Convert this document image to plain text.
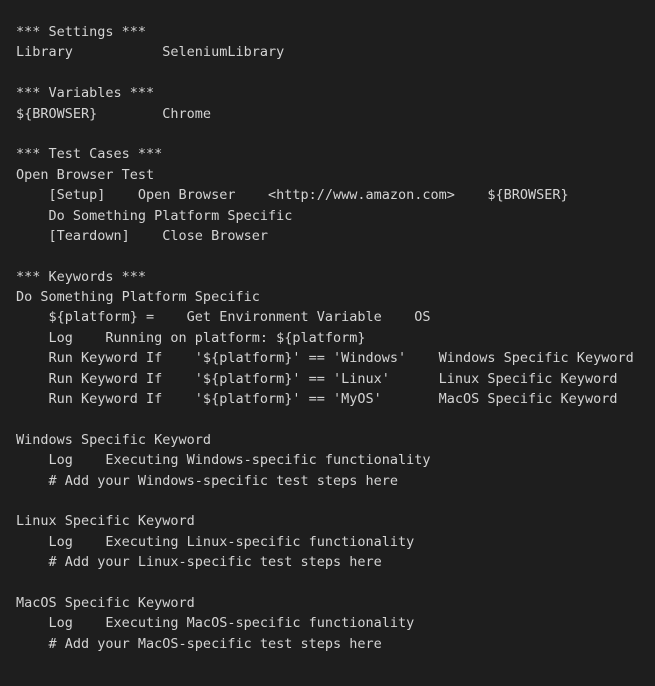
*** Settings ***
Library           SeleniumLibrary
*** Variables ***
${BROWSER}        Chrome
*** Test Cases ***
Open Browser Test
[Setup]    Open Browser    <http://www.amazon.com>    ${BROWSER}
Do Something Platform Specific
[Teardown]    Close Browser
*** Keywords ***
Do Something Platform Specific
${platform} =    Get Environment Variable    OS
Log    Running on platform: ${platform}
Run Keyword If    '${platform}' == 'Windows'    Windows Specific Keyword
Run Keyword If    '${platform}' == 'Linux'      Linux Specific Keyword
Run Keyword If    '${platform}' == 'MyOS'       MacOS Specific Keyword
Windows Specific Keyword
Log    Executing Windows-specific functionality
# Add your Windows-specific test steps here
Linux Specific Keyword
Log    Executing Linux-specific functionality
# Add your Linux-specific test steps here
MacOS Specific Keyword
Log    Executing MacOS-specific functionality
# Add your MacOS-specific test steps here
